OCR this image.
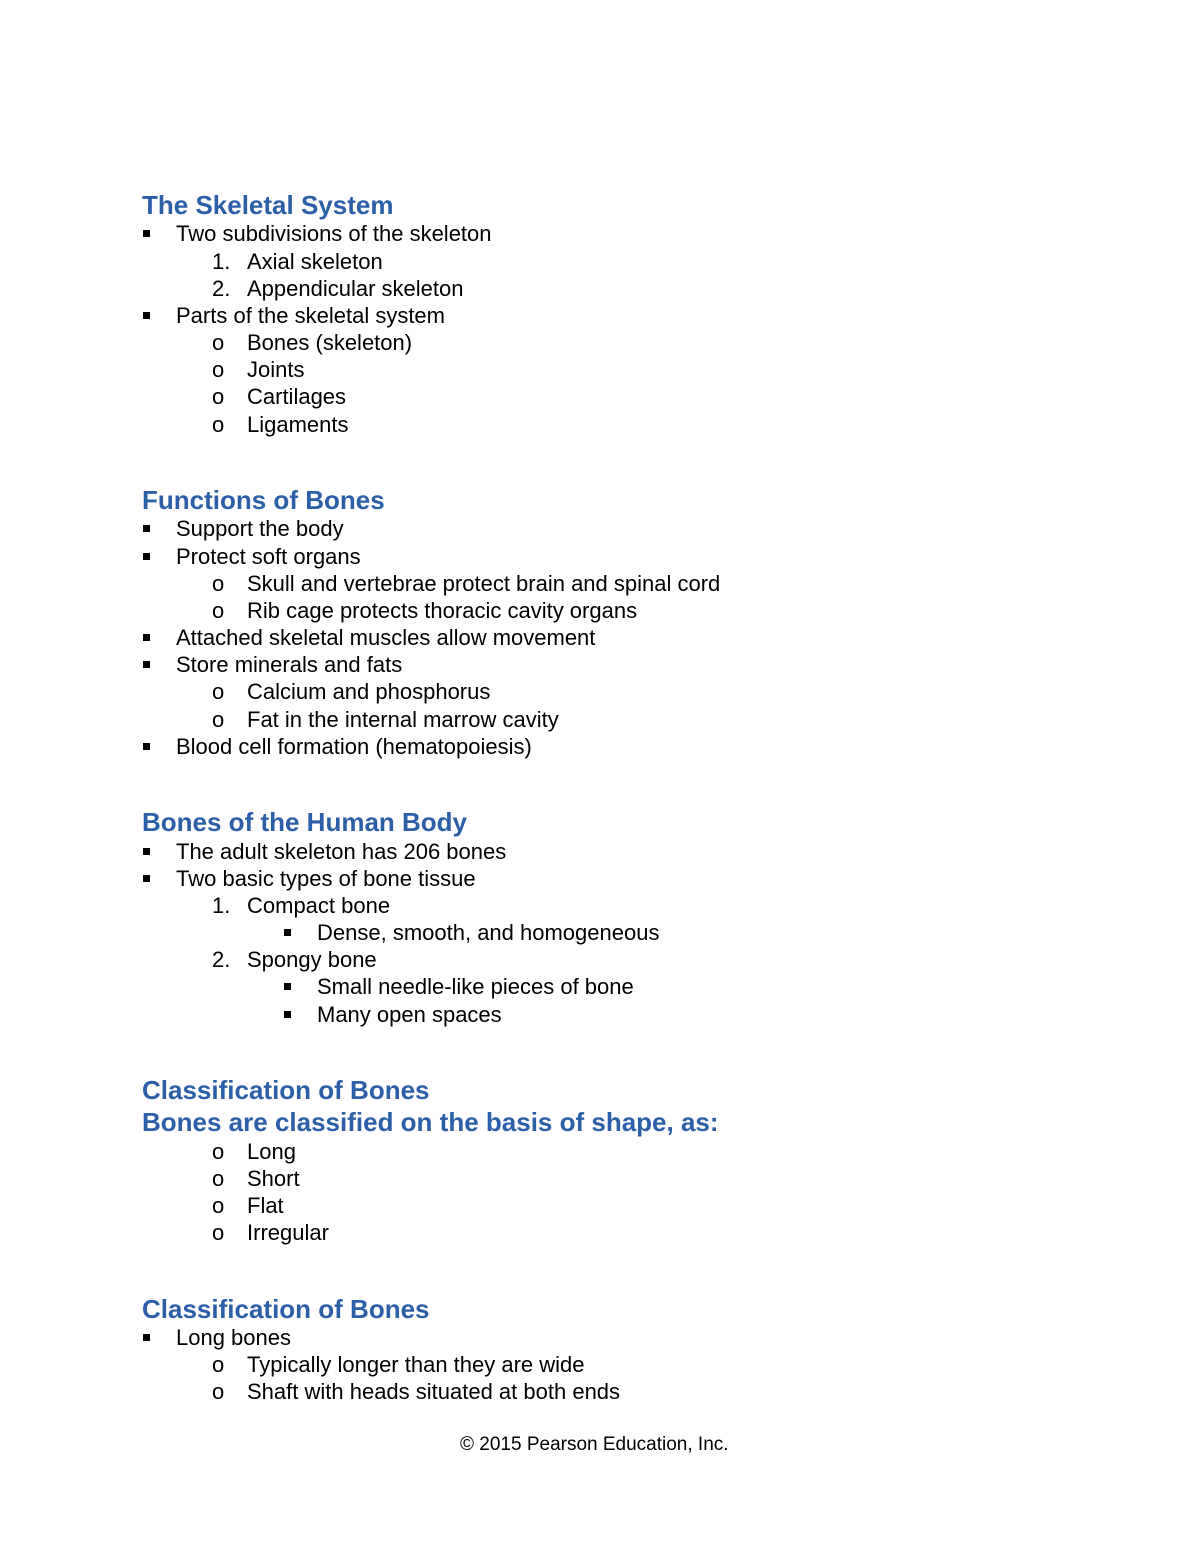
The Skeletal System
Two subdivisions of the skeleton
1. Axial skeleton
2. Appendicular skeleton
Parts of the skeletal system
o Bones (skeleton)
o Joints
o Cartilages
o Ligaments
Functions of Bones
Support the body
Protect soft organs
o Skull and vertebrae protect brain and spinal cord
o Rib cage protects thoracic cavity organs
Attached skeletal muscles allow movement
Store minerals and fats
o Calcium and phosphorus
o Fat in the internal marrow cavity
Blood cell formation (hematopoiesis)
Bones of the Human Body
The adult skeleton has 206 bones
Two basic types of bone tissue
1. Compact bone
Dense, smooth, and homogeneous
2. Spongy bone
Small needle-like pieces of bone
Many open spaces
Classification of Bones
Bones are classified on the basis of shape, as:
o Long
o Short
o Flat
o Irregular
Classification of Bones
Long bones
o Typically longer than they are wide
o Shaft with heads situated at both ends
© 2015 Pearson Education, Inc.
